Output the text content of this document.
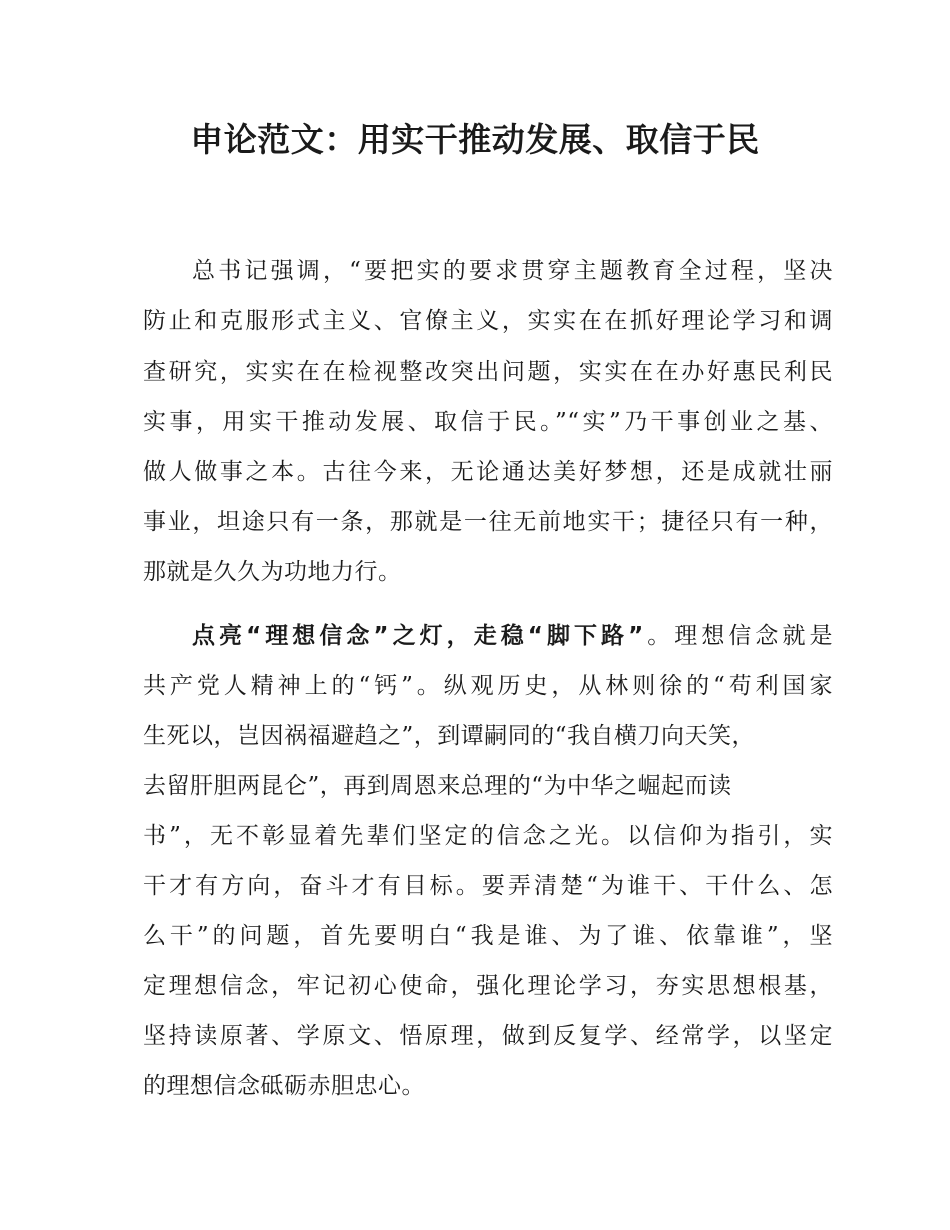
申论范文：用实干推动发展、取信于民
总书记强调，“要把实的要求贯穿主题教育全过程，坚决
防止和克服形式主义、官僚主义，实实在在抓好理论学习和调
查研究，实实在在检视整改突出问题，实实在在办好惠民利民
实事，用实干推动发展、取信于民。”“实”乃干事创业之基、
做人做事之本。古往今来，无论通达美好梦想，还是成就壮丽
事业，坦途只有一条，那就是一往无前地实干；捷径只有一种，
那就是久久为功地力行。
点亮“理想信念”之灯，走稳“脚下路”。理想信念就是
共产党人精神上的“钙”。纵观历史，从林则徐的“苟利国家
生死以，岂因祸福避趋之”，到谭嗣同的“我自横刀向天笑，
去留肝胆两昆仑”，再到周恩来总理的“为中华之崛起而读
书”，无不彰显着先辈们坚定的信念之光。以信仰为指引，实
干才有方向，奋斗才有目标。要弄清楚“为谁干、干什么、怎
么干”的问题，首先要明白“我是谁、为了谁、依靠谁”，坚
定理想信念，牢记初心使命，强化理论学习，夯实思想根基，
坚持读原著、学原文、悟原理，做到反复学、经常学，以坚定
的理想信念砥砺赤胆忠心。
